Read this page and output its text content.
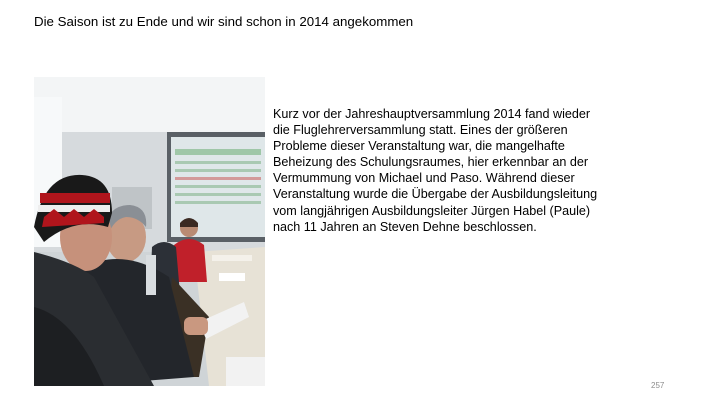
Die Saison ist zu Ende und wir sind schon in 2014 angekommen
Kurz vor der Jahreshauptversammlung 2014 fand wieder
die Fluglehrerversammlung statt. Eines der größeren
Probleme dieser Veranstaltung war, die mangelhafte
Beheizung des Schulungsraumes, hier erkennbar an der
Vermummung von Michael und Paso. Während dieser
Veranstaltung wurde die Übergabe der Ausbildungsleitung
vom langjährigen Ausbildungsleiter Jürgen Habel (Paule)
nach 11 Jahren an Steven Dehne beschlossen.
257
